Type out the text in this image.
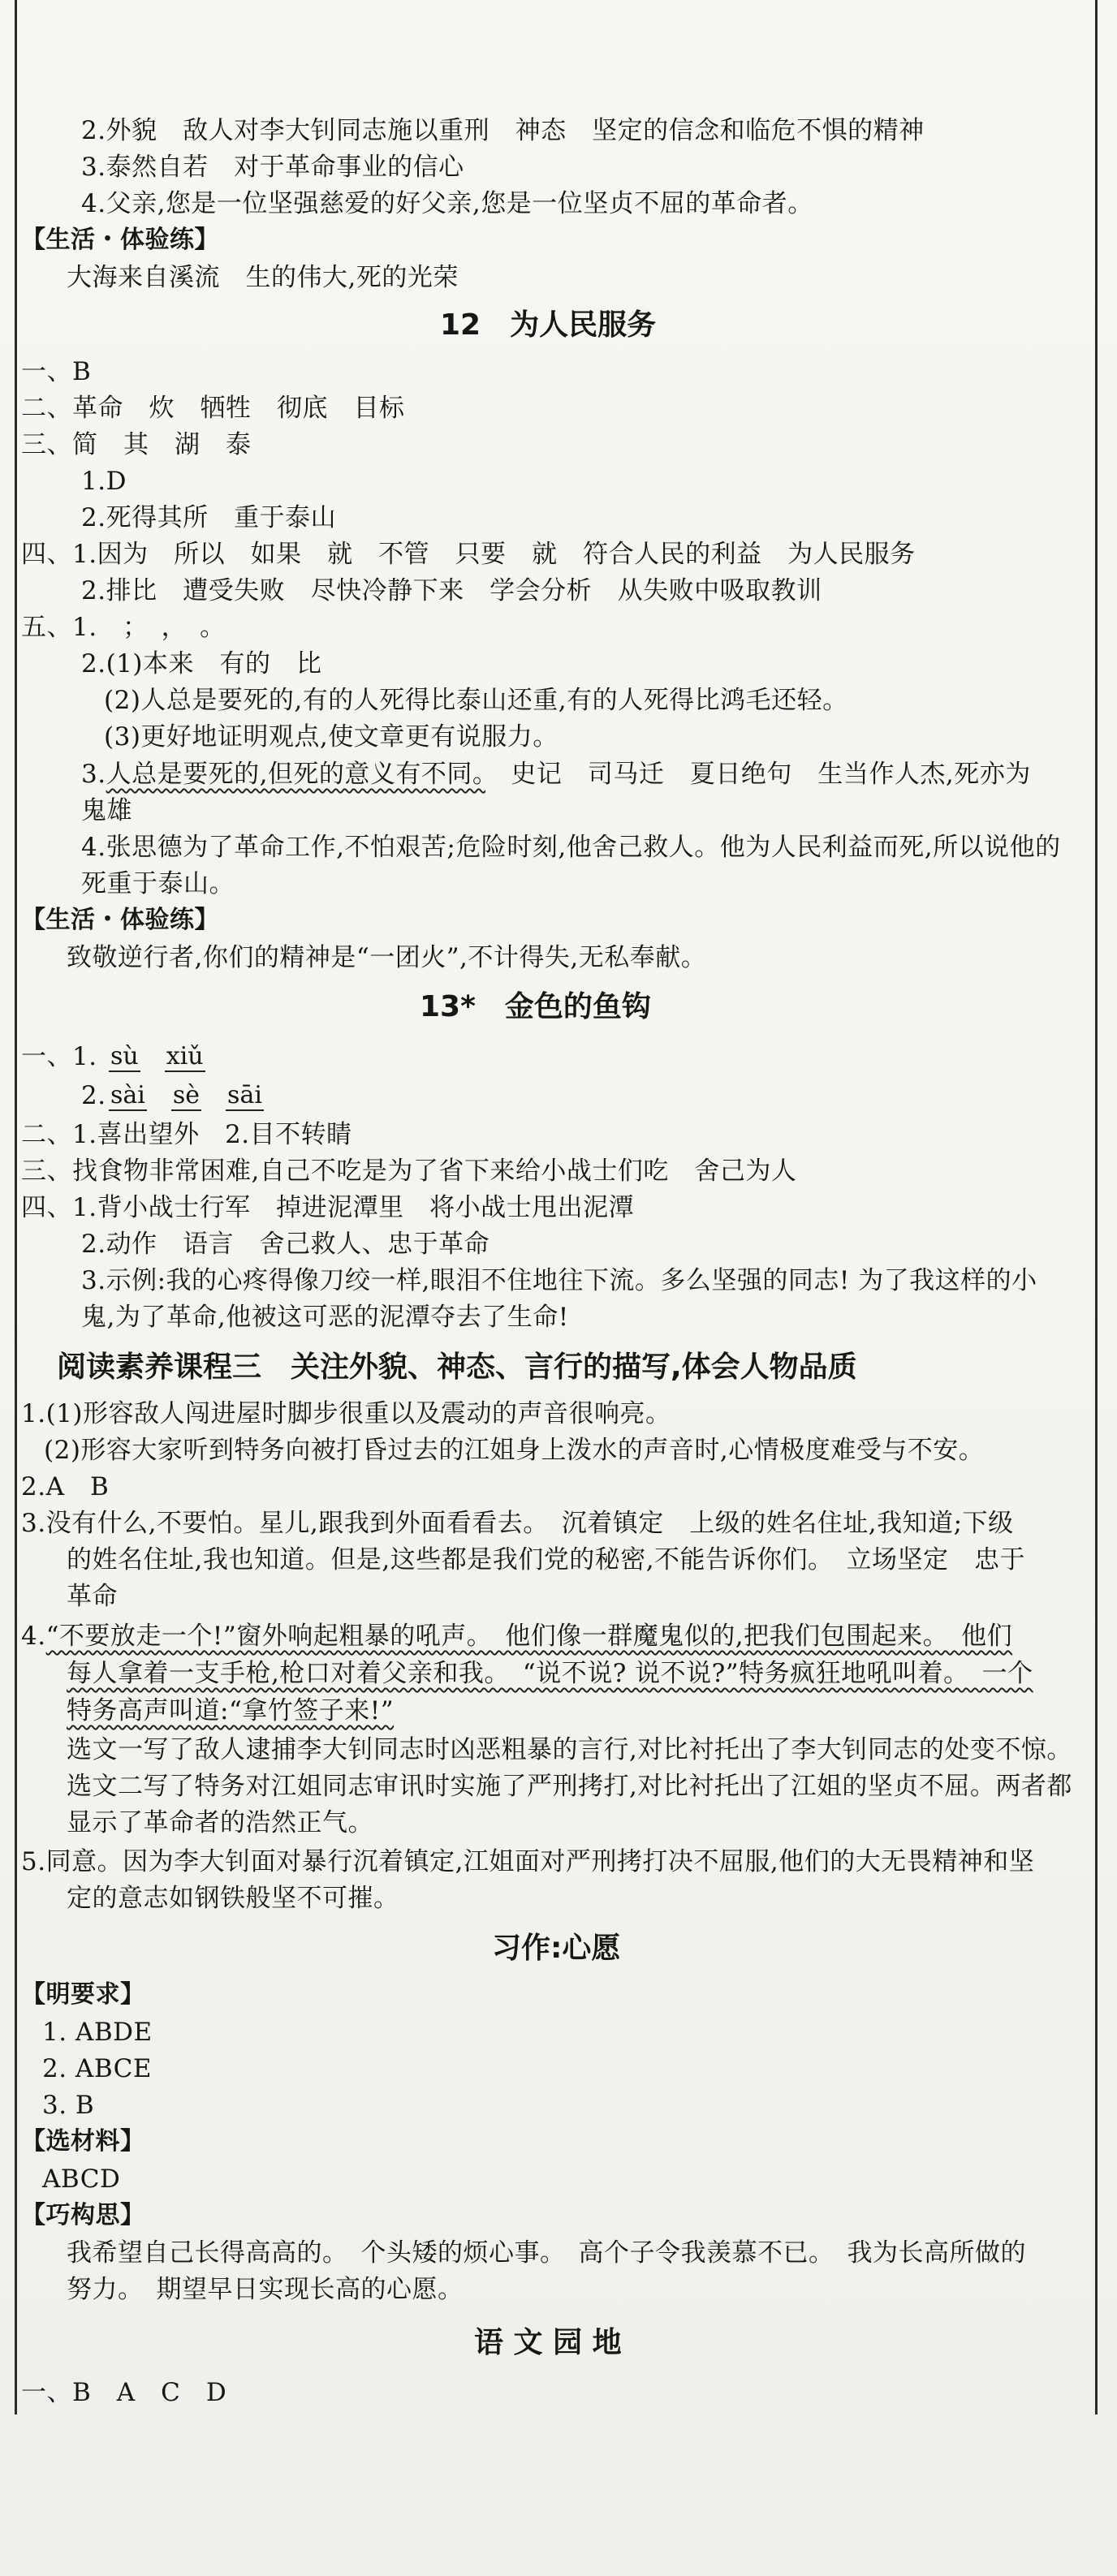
2.外貌　敌人对李大钊同志施以重刑　神态　坚定的信念和临危不惧的精神
3.泰然自若　对于革命事业的信心
4.父亲,您是一位坚强慈爱的好父亲,您是一位坚贞不屈的革命者。
【生活・体验练】
大海来自溪流　生的伟大,死的光荣
12　为人民服务
一、B
二、革命　炊　牺牲　彻底　目标
三、简　其　湖　泰
1.D
2.死得其所　重于泰山
四、1.因为　所以　如果　就　不管　只要　就　符合人民的利益　为人民服务
2.排比　遭受失败　尽快冷静下来　学会分析　从失败中吸取教训
五、1.　；　，　。
2.(1)本来　有的　比
(2)人总是要死的,有的人死得比泰山还重,有的人死得比鸿毛还轻。
(3)更好地证明观点,使文章更有说服力。
3.人总是要死的,但死的意义有不同。　史记　司马迁　夏日绝句　生当作人杰,死亦为
鬼雄
4.张思德为了革命工作,不怕艰苦;危险时刻,他舍己救人。他为人民利益而死,所以说他的
死重于泰山。
【生活・体验练】
致敬逆行者,你们的精神是“一团火”,不计得失,无私奉献。
13*　金色的鱼钩
一、1. sù　 xiǔ
2. sài　 sè　 sāi
二、1.喜出望外　2.目不转睛
三、找食物非常困难,自己不吃是为了省下来给小战士们吃　舍己为人
四、1.背小战士行军　掉进泥潭里　将小战士甩出泥潭
2.动作　语言　舍己救人、忠于革命
3.示例:我的心疼得像刀绞一样,眼泪不住地往下流。多么坚强的同志! 为了我这样的小
鬼,为了革命,他被这可恶的泥潭夺去了生命!
阅读素养课程三　关注外貌、神态、言行的描写,体会人物品质
1.(1)形容敌人闯进屋时脚步很重以及震动的声音很响亮。
(2)形容大家听到特务向被打昏过去的江姐身上泼水的声音时,心情极度难受与不安。
2.A　B
3.没有什么,不要怕。星儿,跟我到外面看看去。　沉着镇定　上级的姓名住址,我知道;下级
的姓名住址,我也知道。但是,这些都是我们党的秘密,不能告诉你们。　立场坚定　忠于
革命
4.“不要放走一个!”窗外响起粗暴的吼声。　他们像一群魔鬼似的,把我们包围起来。　他们
每人拿着一支手枪,枪口对着父亲和我。　“说不说? 说不说?”特务疯狂地吼叫着。　一个
特务高声叫道:“拿竹签子来!”
选文一写了敌人逮捕李大钊同志时凶恶粗暴的言行,对比衬托出了李大钊同志的处变不惊。
选文二写了特务对江姐同志审讯时实施了严刑拷打,对比衬托出了江姐的坚贞不屈。两者都
显示了革命者的浩然正气。
5.同意。因为李大钊面对暴行沉着镇定,江姐面对严刑拷打决不屈服,他们的大无畏精神和坚
定的意志如钢铁般坚不可摧。
习作:心愿
【明要求】
1. ABDE
2. ABCE
3. B
【选材料】
ABCD
【巧构思】
我希望自己长得高高的。　个头矮的烦心事。　高个子令我羡慕不已。　我为长高所做的
努力。　期望早日实现长高的心愿。
语 文 园 地
一、B　A　C　D
